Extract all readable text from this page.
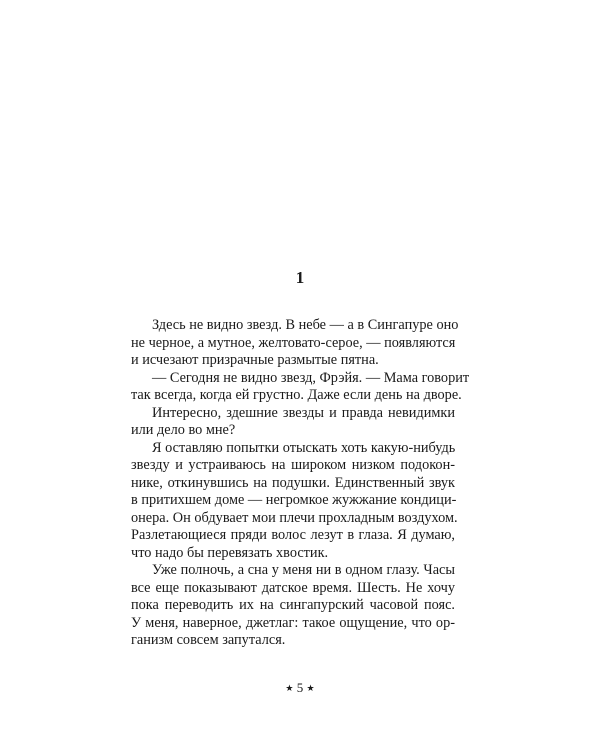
1
Здесь не видно звезд. В небе — а в Сингапуре оно
не черное, а мутное, желтовато-серое, — появляются
и исчезают призрачные размытые пятна.
— Сегодня не видно звезд, Фрэйя. — Мама говорит
так всегда, когда ей грустно. Даже если день на дворе.
Интересно, здешние звезды и правда невидимки
или дело во мне?
Я оставляю попытки отыскать хоть какую-нибудь
звезду и устраиваюсь на широком низком подокон-
нике, откинувшись на подушки. Единственный звук
в притихшем доме — негромкое жужжание кондици-
онера. Он обдувает мои плечи прохладным воздухом.
Разлетающиеся пряди волос лезут в глаза. Я думаю,
что надо бы перевязать хвостик.
Уже полночь, а сна у меня ни в одном глазу. Часы
все еще показывают датское время. Шесть. Не хочу
пока переводить их на сингапурский часовой пояс.
У меня, наверное, джетлаг: такое ощущение, что ор-
ганизм совсем запутался.
★ 5 ★
